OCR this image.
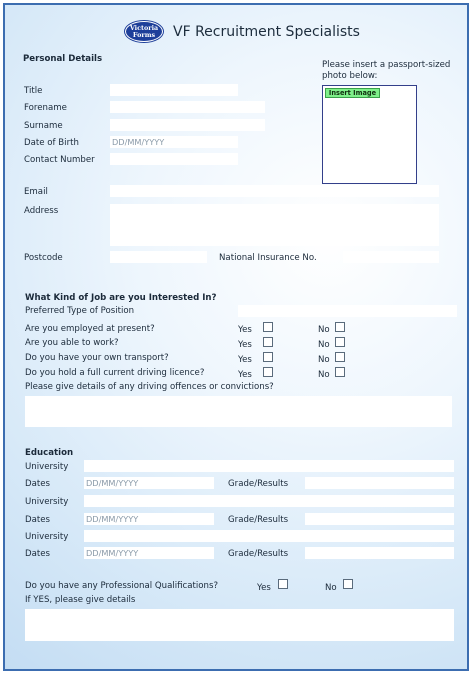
Victoria
Forms	VF Recruitment Specialists
Personal Details
Please insert a passport-sized
photo below:
Insert Image
Title
Forename
Surname
Date of Birth	DD/MM/YYYY
Contact Number
Email
Address
Postcode	National Insurance No.
What Kind of Job are you Interested In?
Preferred Type of Position
Are you employed at present?	Yes	No
Are you able to work?	Yes	No
Do you have your own transport?	Yes	No
Do you hold a full current driving licence?	Yes	No
Please give details of any driving offences or convictions?
Education
University
Dates	DD/MM/YYYY	Grade/Results
University
Dates	DD/MM/YYYY	Grade/Results
University
Dates	DD/MM/YYYY	Grade/Results
Do you have any Professional Qualifications?	Yes	No
If YES, please give details
